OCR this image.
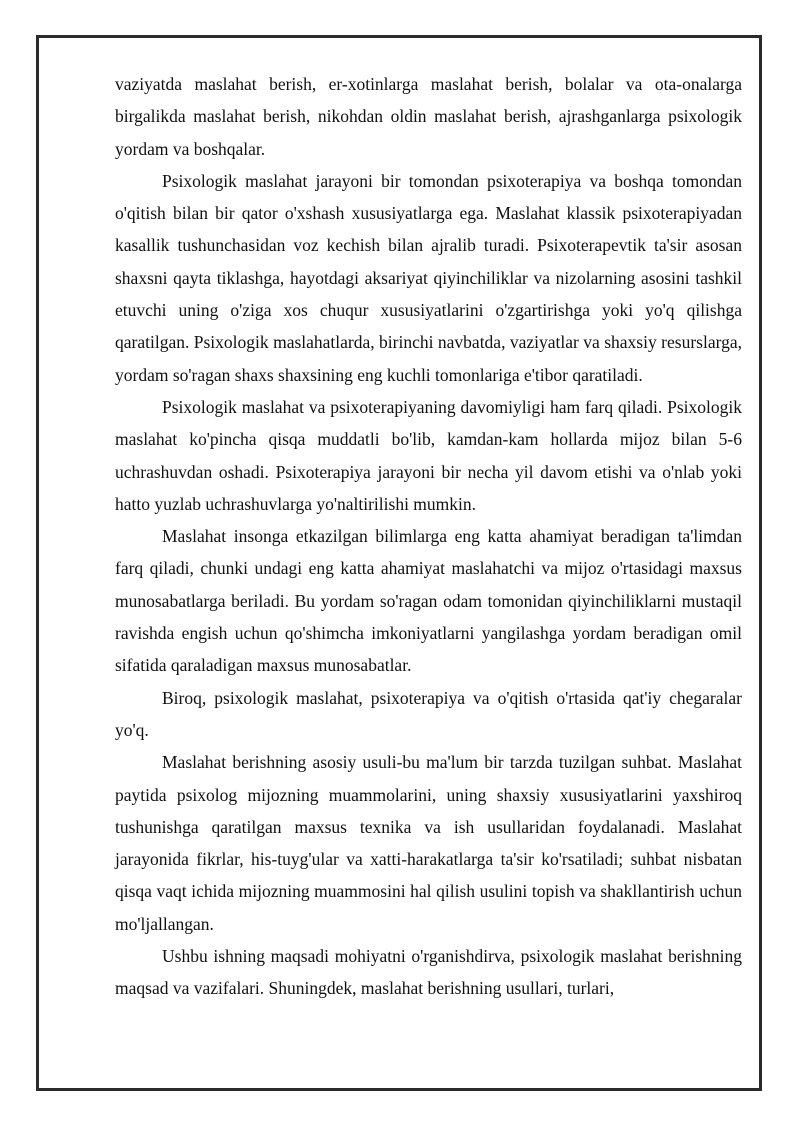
vaziyatda maslahat berish, er-xotinlarga maslahat berish, bolalar va ota-onalarga birgalikda maslahat berish, nikohdan oldin maslahat berish, ajrashganlarga psixologik yordam va boshqalar.

Psixologik maslahat jarayoni bir tomondan psixoterapiya va boshqa tomondan o'qitish bilan bir qator o'xshash xususiyatlarga ega. Maslahat klassik psixoterapiyadan kasallik tushunchasidan voz kechish bilan ajralib turadi. Psixoterapevtik ta'sir asosan shaxsni qayta tiklashga, hayotdagi aksariyat qiyinchiliklar va nizolarning asosini tashkil etuvchi uning o'ziga xos chuqur xususiyatlarini o'zgartirishga yoki yo'q qilishga qaratilgan. Psixologik maslahatlarda, birinchi navbatda, vaziyatlar va shaxsiy resurslarga, yordam so'ragan shaxs shaxsining eng kuchli tomonlariga e'tibor qaratiladi.

Psixologik maslahat va psixoterapiyaning davomiyligi ham farq qiladi. Psixologik maslahat ko'pincha qisqa muddatli bo'lib, kamdan-kam hollarda mijoz bilan 5-6 uchrashuvdan oshadi. Psixoterapiya jarayoni bir necha yil davom etishi va o'nlab yoki hatto yuzlab uchrashuvlarga yo'naltirilishi mumkin.

Maslahat insonga etkazilgan bilimlarga eng katta ahamiyat beradigan ta'limdan farq qiladi, chunki undagi eng katta ahamiyat maslahatchi va mijoz o'rtasidagi maxsus munosabatlarga beriladi. Bu yordam so'ragan odam tomonidan qiyinchiliklarni mustaqil ravishda engish uchun qo'shimcha imkoniyatlarni yangilashga yordam beradigan omil sifatida qaraladigan maxsus munosabatlar.

Biroq, psixologik maslahat, psixoterapiya va o'qitish o'rtasida qat'iy chegaralar yo'q.

Maslahat berishning asosiy usuli-bu ma'lum bir tarzda tuzilgan suhbat. Maslahat paytida psixolog mijozning muammolarini, uning shaxsiy xususiyatlarini yaxshiroq tushunishga qaratilgan maxsus texnika va ish usullaridan foydalanadi. Maslahat jarayonida fikrlar, his-tuyg'ular va xatti-harakatlarga ta'sir ko'rsatiladi; suhbat nisbatan qisqa vaqt ichida mijozning muammosini hal qilish usulini topish va shakllantirish uchun mo'ljallangan.

Ushbu ishning maqsadi mohiyatni o'rganishdirva, psixologik maslahat berishning maqsad va vazifalari. Shuningdek, maslahat berishning usullari, turlari,
